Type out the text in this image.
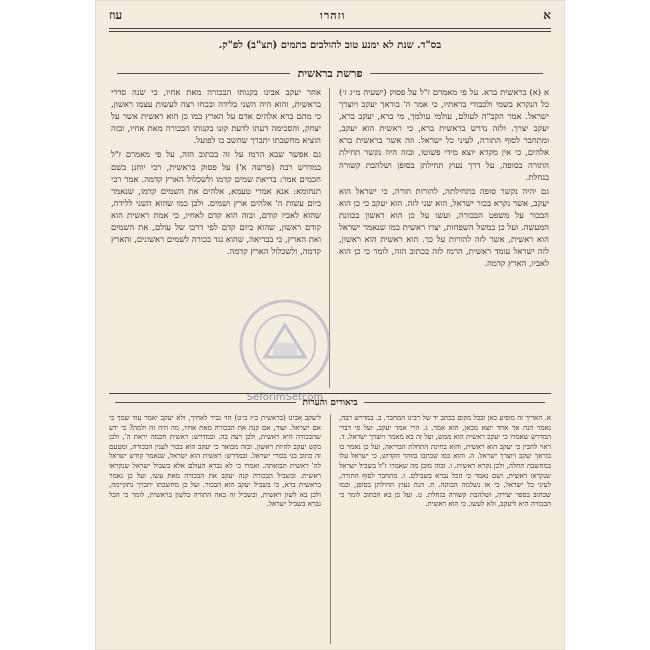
א
וזהרו
עוז
בס"ד. שנת לא ימנע טוב להולכים בתמים (תצ"ב) לפ"ק.
פרשת בראשית

א (א) בראשית ברא. על פי מאמרם ז"ל על פסוק (ישעיה מ״ג ז׳) כל הנקרא בשמי ולכבודי בראתיו, כי אמר ה' בוראך יעקב ויוצרך ישראל. אמר הקב"ה לעולם, עולמי עולמך, מי ברא, יעקב ברא, יעקב יצרך. ולזה נדרש בראשית ברא, כי ראשית הוא יעקב, ומתחבר לסוף התורה, לעיני כל ישראל. וזה אשר בראשית ברא אלהים, כי אין מקרא יוצא מידי פשוטו, ובזה היה נקשר תחילת התורה בסופה, על דרך נעוץ תחילתן בסופן ושלהבת קשורה בגחלת.

גם יהיה נקשר סופה בתחילתה, להורות תורה, כי ישראל הוא יעקב, אשר נקרא בכור ישראל, הוא שני לזה. הוא יעקב כי כן הוא הבכור על משפט הבכורה, ועשו על כן הוא ראשון בכוונת המעשה. ועל כן כמשל השפחות, יצרו ראשית כמו שנאמר ישראל הוא ראשית, אשר לזה להורות על כך. הוא ראשית הוא ראשון, לזה ישראל עומד ראשית, הרמז לזה בכתוב הזה, לומר כי כן הוא לאביו, הארץ קדמה.

אחר יעקב אבינו בקנותו הבכורה מאת אחיו, כי שנה סדרי בראשית, והוא היה השני בלידה ובכחו רצה לעשות עצמו ראשון, כי מהם ברא אלהים אדם על הארץ כמו כן הוא ראשית אשר על יצחק, והסכימה דעתו לדעת קונו בקנותו הבכורה מאת אחיו, ובזה הוציא מחשבתו יתברך שחשב בו לפועל.

גם אפשר שבא הרמז על זה בכתוב הזה, על פי מאמרם ז"ל במדרש רבה (פרשה א') על פסוק בראשית, רבי יוחנן בשם חכמים אמר: בריאת שמים קדמו ולשכלול הארץ קדמה. אמר רבי תנחומא: אנא אמרי טעמא, אלהים את השמים קדמו, שנאמר ביום עשות ה' אלהים ארץ ושמים. ולכן כמו שהוא השני ללידה, שהוא לאביו קודם, ובזה הוא קדם לאחיו, כי אמת ראשית הוא קודם ראשון, שהוא ביום קדם לפי דרכו של עולם, את השמים ואת הארץ, כי בבריאה, שהוא נגד בכורה לשמים ראשונים, והארץ קדמה, ולשכלול הארץ קדמה.

SeforimSetcom
ביאורים והערות

א. האריך זה מופיע כאן ובכל מקום בכתב יד של רבינו המחבר. ב. במדרש רבה, נאמר הנה אך אחד יוצא מכאן, הוא אמר. ג. הרי אמר יעקב, ועל פי דברי המדרש שאמרו כי יעקב ראשית הוא ממש, ועל זה בא מאמר ויוצרך ישראל. ד. ראוי להבין כי יעקב הוא ראשית, והוא בחינת התחלת הבריאה, ועל כן נאמר בו בוראך יעקב ויוצרך ישראל. ה. והוא כמו שכתבו בזוהר הקדוש, כי ישראל עלו במחשבה תחלה, ולכן נקרא ראשית. ו. ובזה מובן מה שאמרו ז"ל בשביל ישראל שנקראו ראשית, ושם נאמר כי הכל נברא בשבילם. ז. מתחבר לסוף התורה, לעיני כל ישראל, כי אז נשלמה הכוונה. ח. הנה נעוץ תחילתן בסופן, וכמו שכתוב בספר יצירה, ושלהבת קשורה בגחלת. ט. ועל כן בא הכתוב לומר כי הבכורה היא ליעקב, ולא לעשו, כי הוא ראשית.

ליעקב אבינו (בראשית כ״ז כ״ט) הוי גביר לאחיך, ולא יעקב יאמר עוד שמך כי אם ישראל. ועוד, אם קנה את הבכורה מאת אחיו, מה היה זה ולמה? כי ידע שהבכורה היא ראשית, ולכן רצה בה. ובמדרש: ראשית חכמה יראת ה', ולכן בקש יעקב להיות ראשון. ובזה מבואר כי יעקב הוא בכור לענין הבכורה, ומטעם זה כתוב בני בכורי ישראל. ובמדרש: ראשית הוא ישראל, שנאמר קודש ישראל לה' ראשית תבואתה. ואמרו כי לא נברא העולם אלא בשביל ישראל שנקראו ראשית. ובשביל הבכורה קנה יעקב את הבכורה מאת עשו, ועל כן נאמר בראשית ברא, כי בשביל יעקב הוא הבכור. ועל כן מחשבתו יתברך נתקיימה, ולכן בא לשון ראשית, ובשביל זה באה התורה בלשון בראשית, לומר כי הכל נברא בשביל ישראל.
